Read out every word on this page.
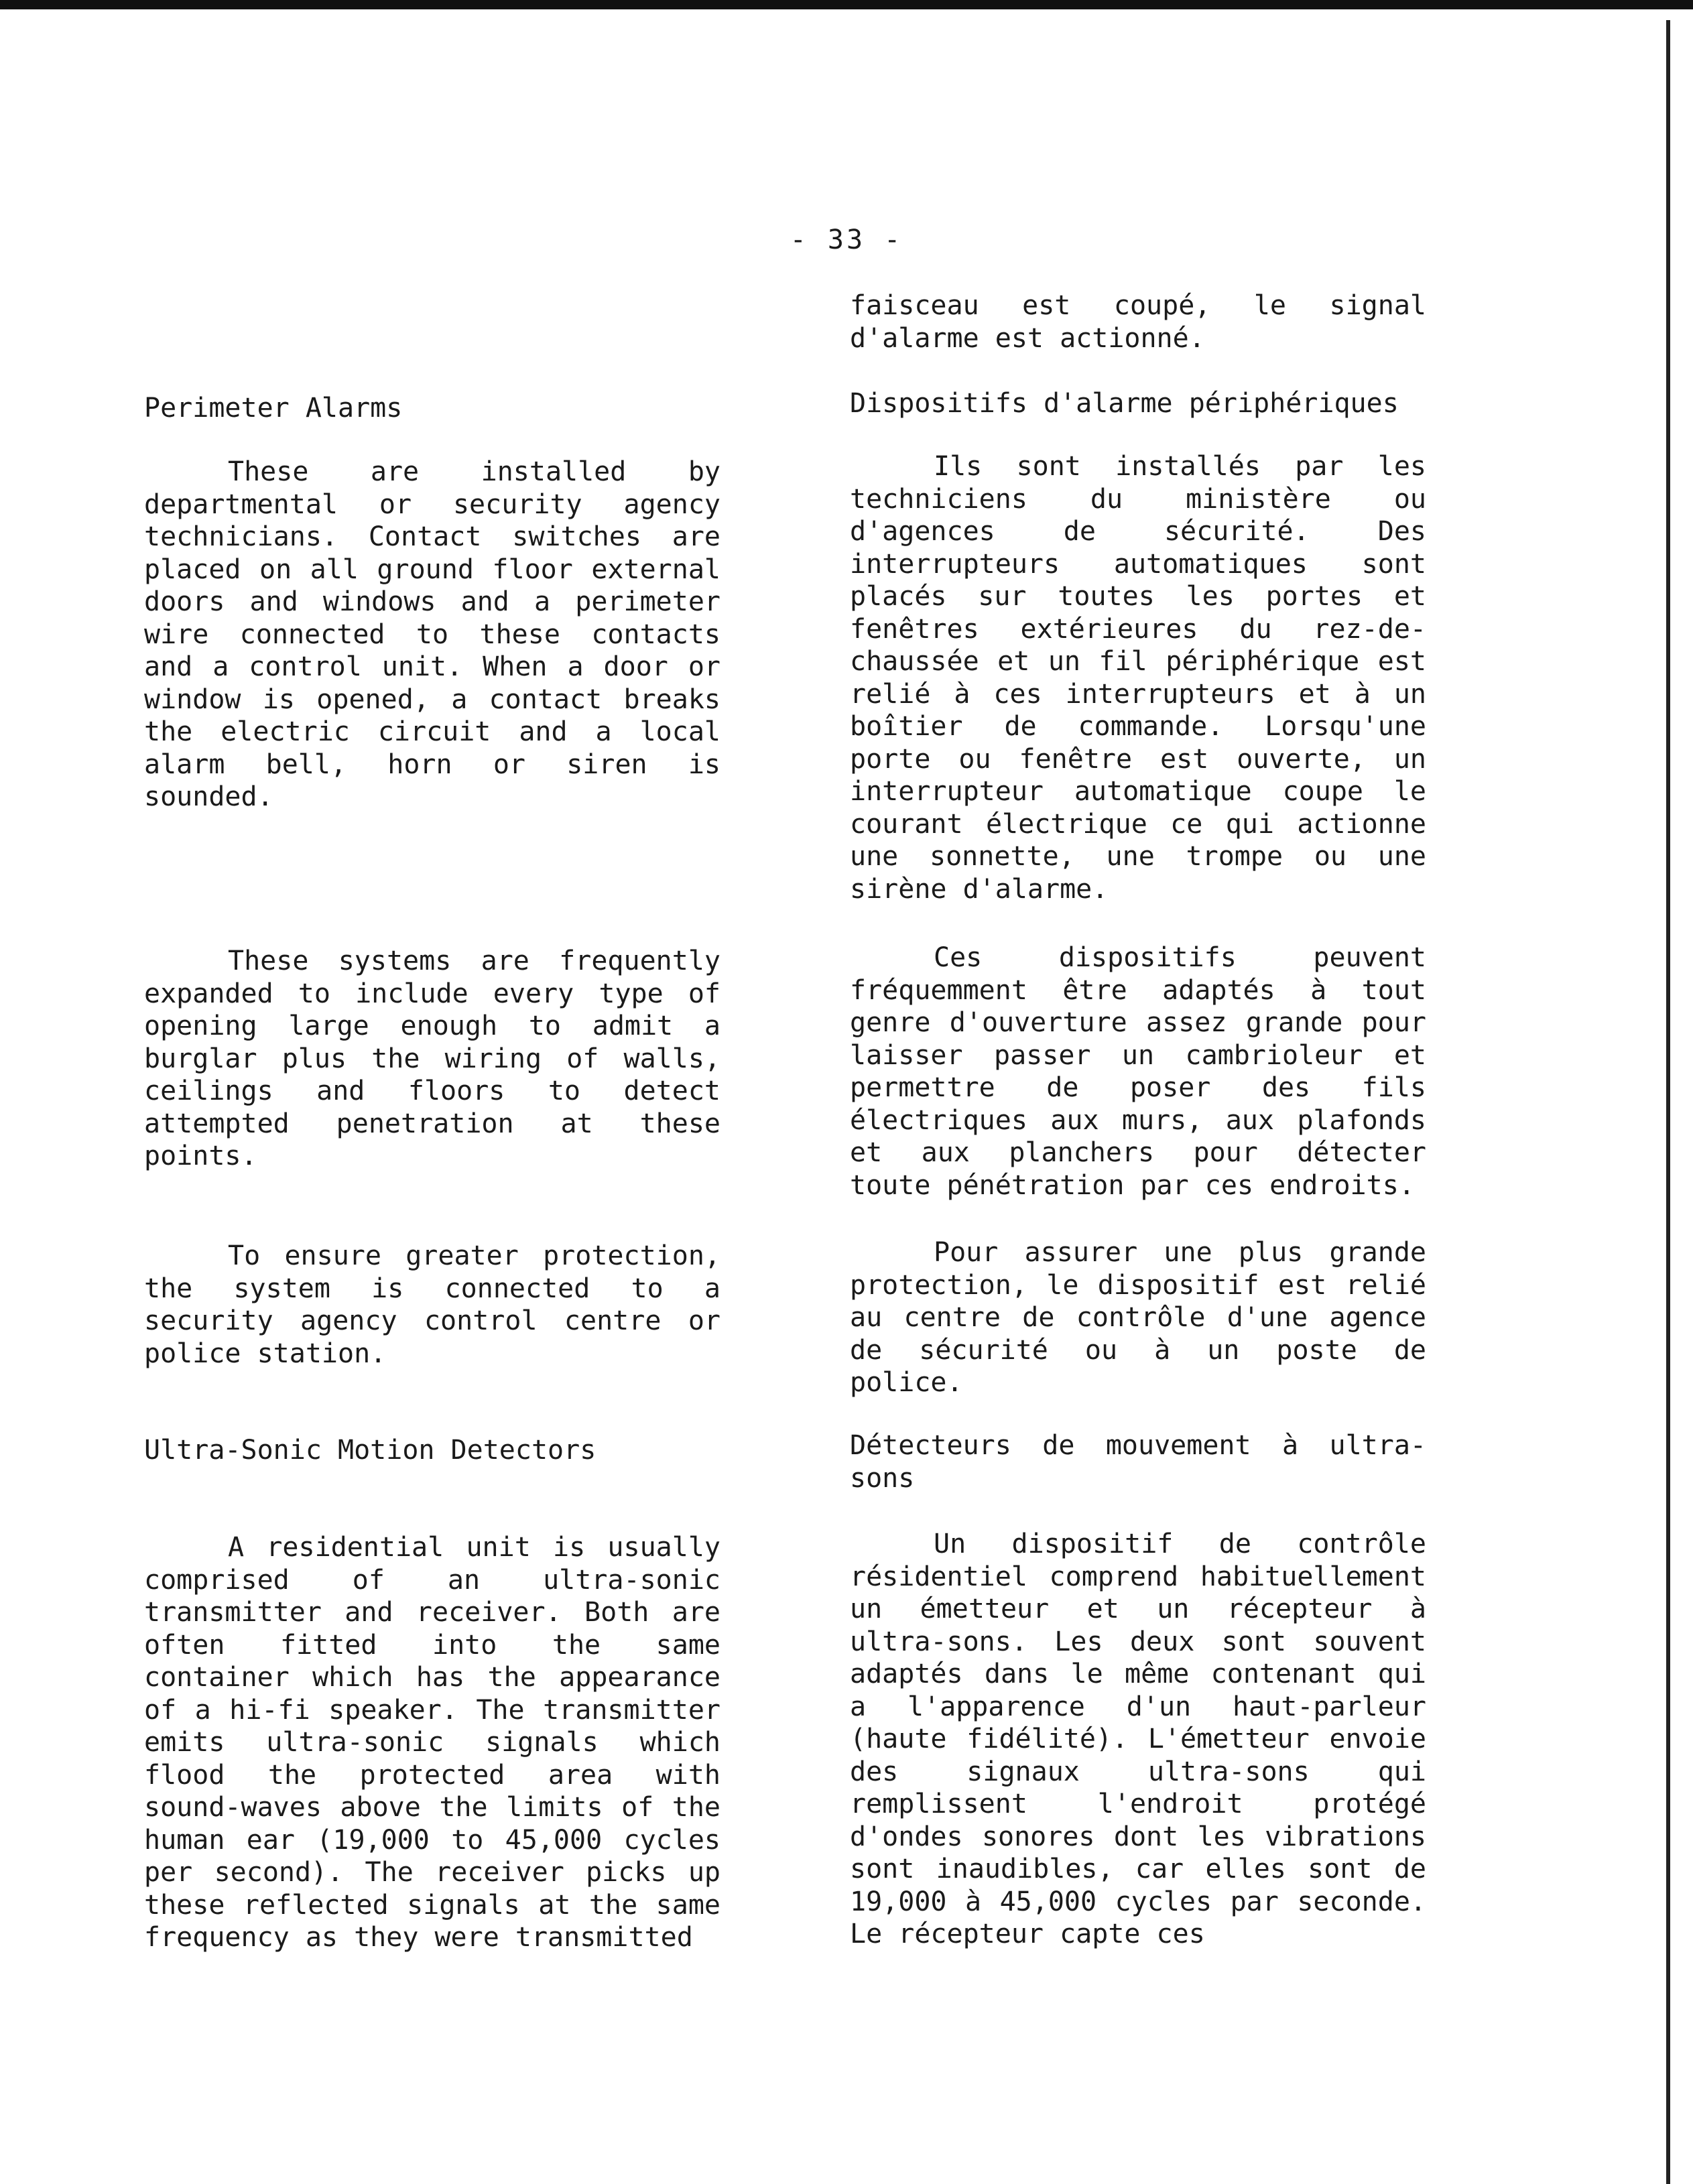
- 33 -
Perimeter Alarms

These are installed by departmental or security agency technicians. Contact switches are placed on all ground floor external doors and windows and a perimeter wire connected to these contacts and a control unit. When a door or window is opened, a contact breaks the electric circuit and a local alarm bell, horn or siren is sounded.

These systems are frequently expanded to include every type of opening large enough to admit a burglar plus the wiring of walls, ceilings and floors to detect attempted penetration at these points.

To ensure greater protection, the system is connected to a security agency control centre or police station.

Ultra-Sonic Motion Detectors

A residential unit is usually comprised of an ultra-sonic transmitter and receiver. Both are often fitted into the same container which has the appearance of a hi-fi speaker. The transmitter emits ultra-sonic signals which flood the protected area with sound-waves above the limits of the human ear (19,000 to 45,000 cycles per second). The receiver picks up these reflected signals at the same frequency as they were transmitted

faisceau est coupé, le signal d'alarme est actionné.

Dispositifs d'alarme périphériques

Ils sont installés par les techniciens du ministère ou d'agences de sécurité. Des interrupteurs automatiques sont placés sur toutes les portes et fenêtres extérieures du rez-de-chaussée et un fil périphérique est relié à ces interrupteurs et à un boîtier de commande. Lorsqu'une porte ou fenêtre est ouverte, un interrupteur automatique coupe le courant électrique ce qui actionne une sonnette, une trompe ou une sirène d'alarme.

Ces dispositifs peuvent fréquemment être adaptés à tout genre d'ouverture assez grande pour laisser passer un cambrioleur et permettre de poser des fils électriques aux murs, aux plafonds et aux planchers pour détecter toute pénétration par ces endroits.

Pour assurer une plus grande protection, le dispositif est relié au centre de contrôle d'une agence de sécurité ou à un poste de police.

Détecteurs de mouvement à ultra-sons

Un dispositif de contrôle résidentiel comprend habituellement un émetteur et un récepteur à ultra-sons. Les deux sont souvent adaptés dans le même contenant qui a l'apparence d'un haut-parleur (haute fidélité). L'émetteur envoie des signaux ultra-sons qui remplissent l'endroit protégé d'ondes sonores dont les vibrations sont inaudibles, car elles sont de 19,000 à 45,000 cycles par seconde. Le récepteur capte ces
